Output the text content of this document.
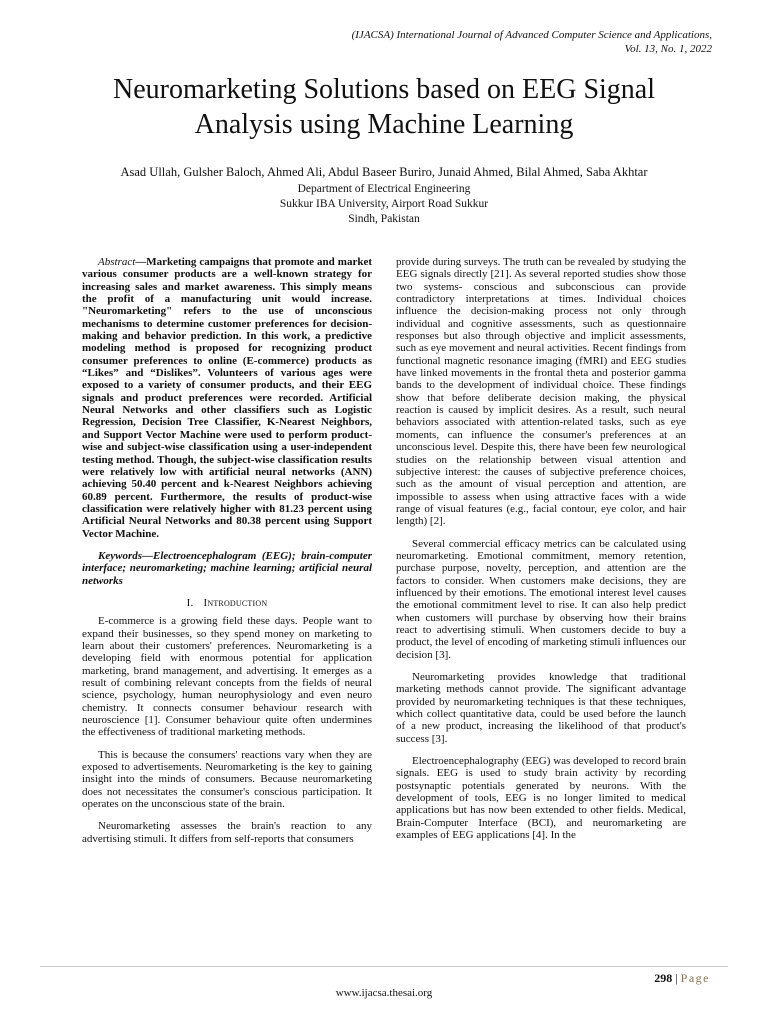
(IJACSA) International Journal of Advanced Computer Science and Applications,
Vol. 13, No. 1, 2022
Neuromarketing Solutions based on EEG Signal
Analysis using Machine Learning
Asad Ullah, Gulsher Baloch, Ahmed Ali, Abdul Baseer Buriro, Junaid Ahmed, Bilal Ahmed, Saba Akhtar
Department of Electrical Engineering
Sukkur IBA University, Airport Road Sukkur
Sindh, Pakistan

Abstract—Marketing campaigns that promote and market various consumer products are a well-known strategy for increasing sales and market awareness. This simply means the profit of a manufacturing unit would increase. "Neuromarketing" refers to the use of unconscious mechanisms to determine customer preferences for decision-making and behavior prediction. In this work, a predictive modeling method is proposed for recognizing product consumer preferences to online (E-commerce) products as “Likes” and “Dislikes”. Volunteers of various ages were exposed to a variety of consumer products, and their EEG signals and product preferences were recorded. Artificial Neural Networks and other classifiers such as Logistic Regression, Decision Tree Classifier, K-Nearest Neighbors, and Support Vector Machine were used to perform product-wise and subject-wise classification using a user-independent testing method. Though, the subject-wise classification results were relatively low with artificial neural networks (ANN) achieving 50.40 percent and k-Nearest Neighbors achieving 60.89 percent. Furthermore, the results of product-wise classification were relatively higher with 81.23 percent using Artificial Neural Networks and 80.38 percent using Support Vector Machine.

Keywords—Electroencephalogram (EEG); brain-computer interface; neuromarketing; machine learning; artificial neural networks

I. Introduction

E-commerce is a growing field these days. People want to expand their businesses, so they spend money on marketing to learn about their customers' preferences. Neuromarketing is a developing field with enormous potential for application marketing, brand management, and advertising. It emerges as a result of combining relevant concepts from the fields of neural science, psychology, human neurophysiology and even neuro chemistry. It connects consumer behaviour research with neuroscience [1]. Consumer behaviour quite often undermines the effectiveness of traditional marketing methods.

This is because the consumers' reactions vary when they are exposed to advertisements. Neuromarketing is the key to gaining insight into the minds of consumers. Because neuromarketing does not necessitates the consumer's conscious participation. It operates on the unconscious state of the brain.

Neuromarketing assesses the brain's reaction to any advertising stimuli. It differs from self-reports that consumers

provide during surveys. The truth can be revealed by studying the EEG signals directly [21]. As several reported studies show those two systems- conscious and subconscious can provide contradictory interpretations at times. Individual choices influence the decision-making process not only through individual and cognitive assessments, such as questionnaire responses but also through objective and implicit assessments, such as eye movement and neural activities. Recent findings from functional magnetic resonance imaging (fMRI) and EEG studies have linked movements in the frontal theta and posterior gamma bands to the development of individual choice. These findings show that before deliberate decision making, the physical reaction is caused by implicit desires. As a result, such neural behaviors associated with attention-related tasks, such as eye moments, can influence the consumer's preferences at an unconscious level. Despite this, there have been few neurological studies on the relationship between visual attention and subjective interest: the causes of subjective preference choices, such as the amount of visual perception and attention, are impossible to assess when using attractive faces with a wide range of visual features (e.g., facial contour, eye color, and hair length) [2].

Several commercial efficacy metrics can be calculated using neuromarketing. Emotional commitment, memory retention, purchase purpose, novelty, perception, and attention are the factors to consider. When customers make decisions, they are influenced by their emotions. The emotional interest level causes the emotional commitment level to rise. It can also help predict when customers will purchase by observing how their brains react to advertising stimuli. When customers decide to buy a product, the level of encoding of marketing stimuli influences our decision [3].

Neuromarketing provides knowledge that traditional marketing methods cannot provide. The significant advantage provided by neuromarketing techniques is that these techniques, which collect quantitative data, could be used before the launch of a new product, increasing the likelihood of that product's success [3].

Electroencephalography (EEG) was developed to record brain signals. EEG is used to study brain activity by recording postsynaptic potentials generated by neurons. With the development of tools, EEG is no longer limited to medical applications but has now been extended to other fields. Medical, Brain-Computer Interface (BCI), and neuromarketing are examples of EEG applications [4]. In the

298 | Page
www.ijacsa.thesai.org
